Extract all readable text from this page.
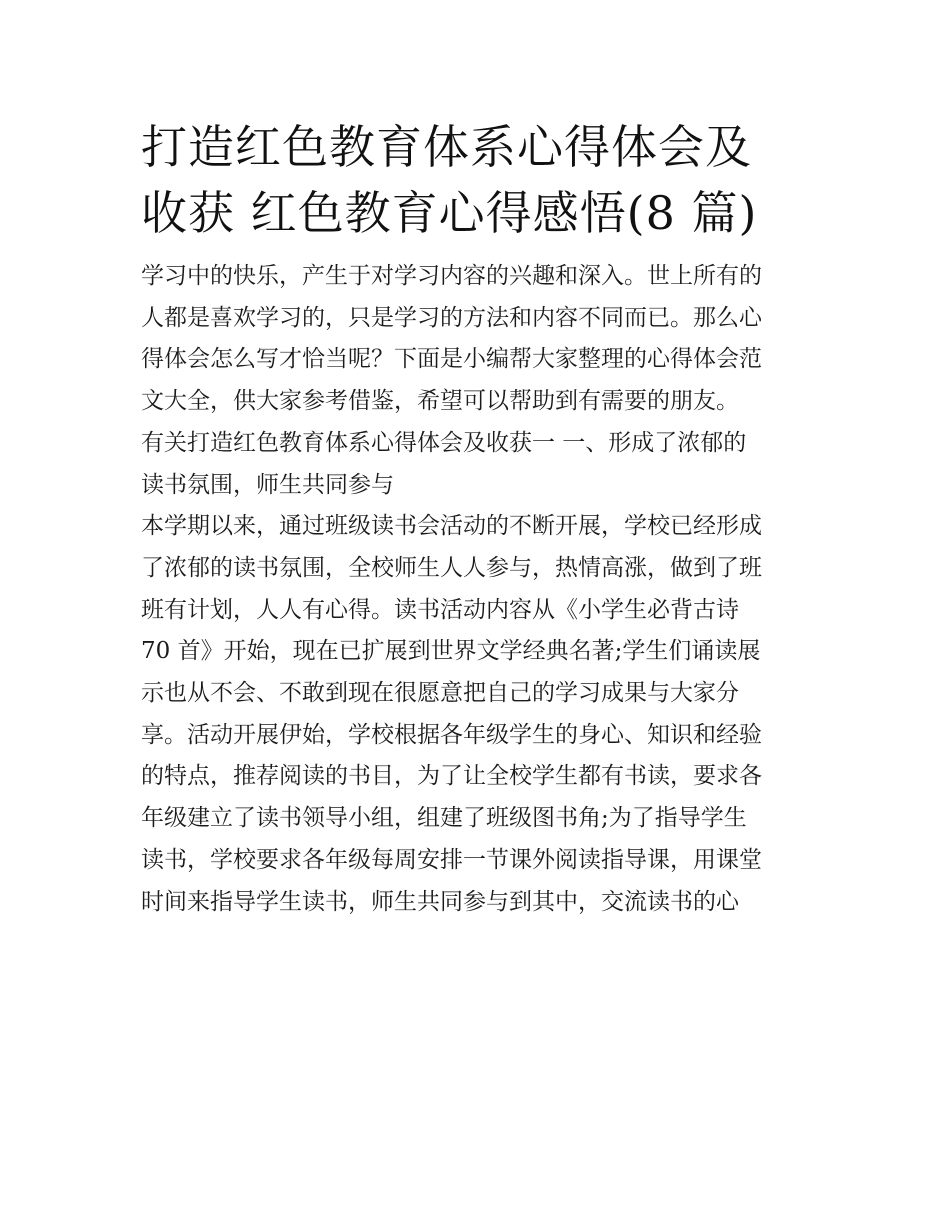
打造红色教育体系心得体会及
收获 红色教育心得感悟(8 篇)
学习中的快乐，产生于对学习内容的兴趣和深入。世上所有的
人都是喜欢学习的，只是学习的方法和内容不同而已。那么心
得体会怎么写才恰当呢？下面是小编帮大家整理的心得体会范
文大全，供大家参考借鉴，希望可以帮助到有需要的朋友。
有关打造红色教育体系心得体会及收获一 一、形成了浓郁的
读书氛围，师生共同参与
本学期以来，通过班级读书会活动的不断开展，学校已经形成
了浓郁的读书氛围，全校师生人人参与，热情高涨，做到了班
班有计划，人人有心得。读书活动内容从《小学生必背古诗
70 首》开始，现在已扩展到世界文学经典名著;学生们诵读展
示也从不会、不敢到现在很愿意把自己的学习成果与大家分
享。活动开展伊始，学校根据各年级学生的身心、知识和经验
的特点，推荐阅读的书目，为了让全校学生都有书读，要求各
年级建立了读书领导小组，组建了班级图书角;为了指导学生
读书，学校要求各年级每周安排一节课外阅读指导课，用课堂
时间来指导学生读书，师生共同参与到其中，交流读书的心
